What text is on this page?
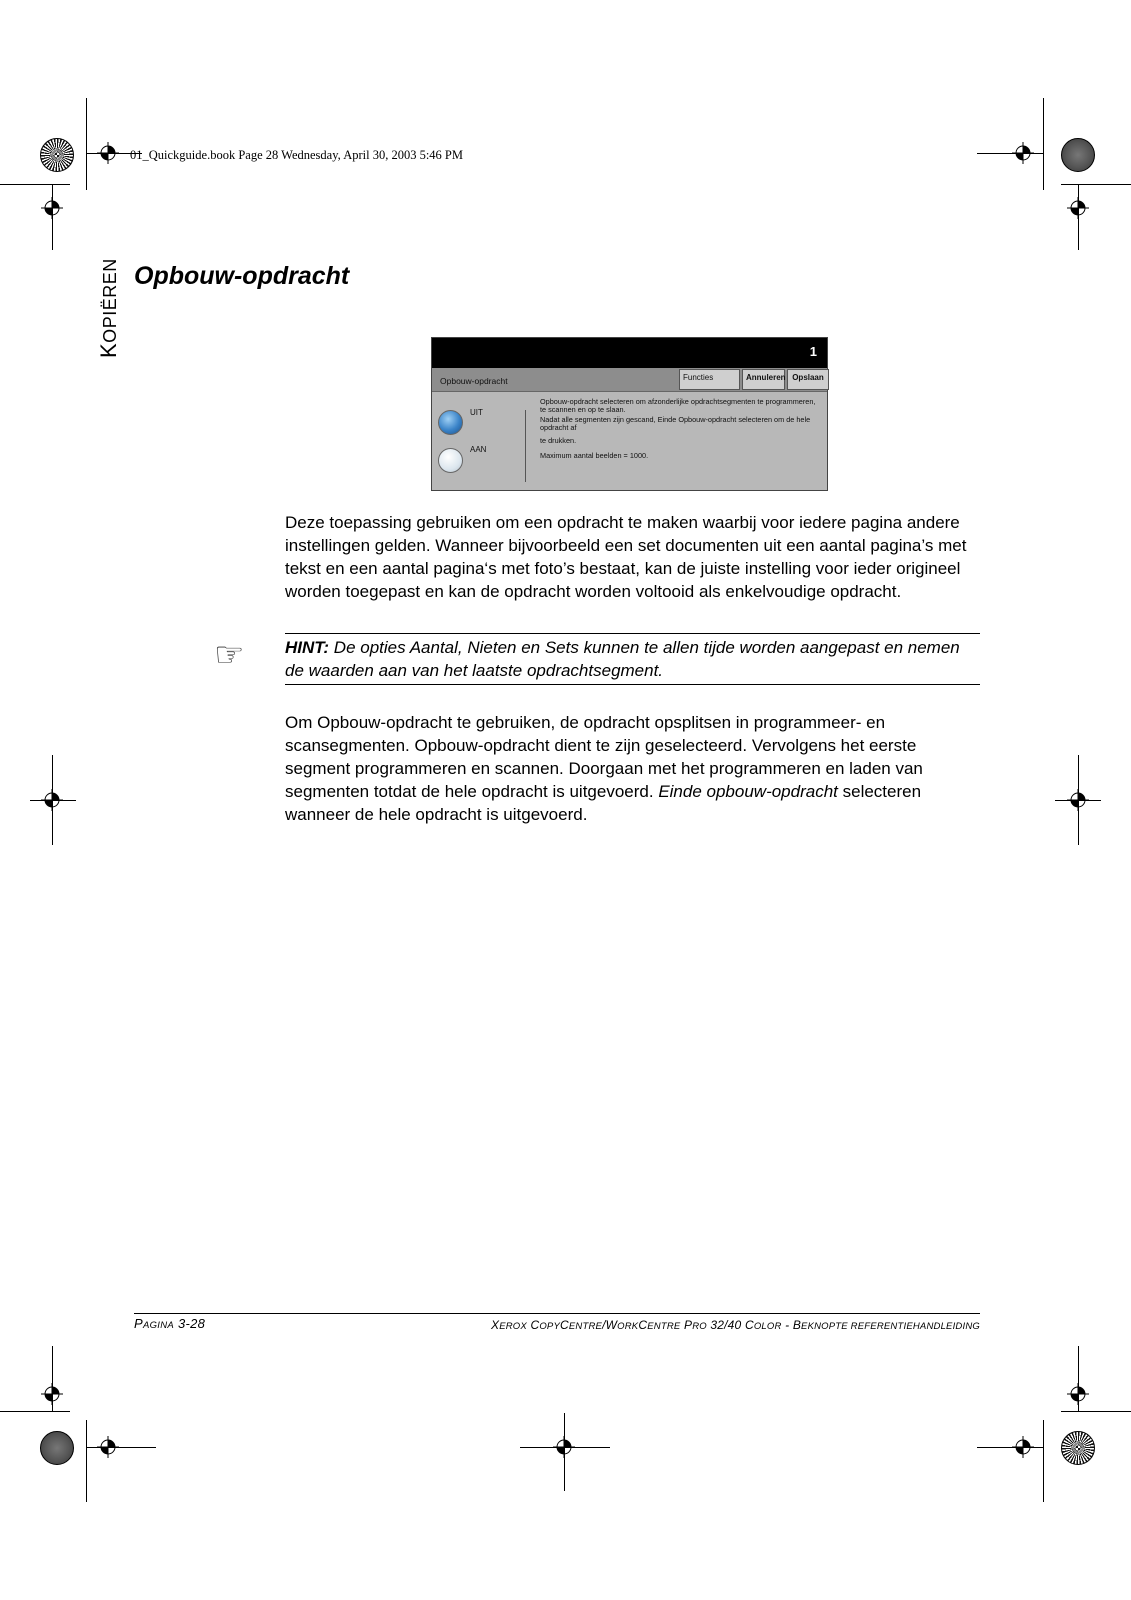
01_Quickguide.book Page 28 Wednesday, April 30, 2003 5:46 PM
KOPIËREN Opbouw-opdracht
1
Opbouw-opdracht	Functies	Annuleren Opslaan
UIT
AAN
Opbouw-opdracht selecteren om afzonderlijke opdrachtsegmenten te programmeren, te scannen en op te slaan.
Nadat alle segmenten zijn gescand, Einde Opbouw-opdracht selecteren om de hele opdracht af
te drukken.
Maximum aantal beelden = 1000.
Deze toepassing gebruiken om een opdracht te maken waarbij voor iedere pagina andere instellingen gelden. Wanneer bijvoorbeeld een set documenten uit een aantal pagina’s met tekst en een aantal pagina‘s met foto’s bestaat, kan de juiste instelling voor ieder origineel worden toegepast en kan de opdracht worden voltooid als enkelvoudige opdracht.
☞ HINT: De opties Aantal, Nieten en Sets kunnen te allen tijde worden aangepast en nemen de waarden aan van het laatste opdrachtsegment.
Om Opbouw-opdracht te gebruiken, de opdracht opsplitsen in programmeer- en scansegmenten. Opbouw-opdracht dient te zijn geselecteerd. Vervolgens het eerste segment programmeren en scannen. Doorgaan met het programmeren en laden van segmenten totdat de hele opdracht is uitgevoerd. Einde opbouw-opdracht selecteren wanneer de hele opdracht is uitgevoerd.
PAGINA 3-28	XEROX COPYCENTRE/WORKCENTRE PRO 32/40 COLOR - BEKNOPTE REFERENTIEHANDLEIDING
